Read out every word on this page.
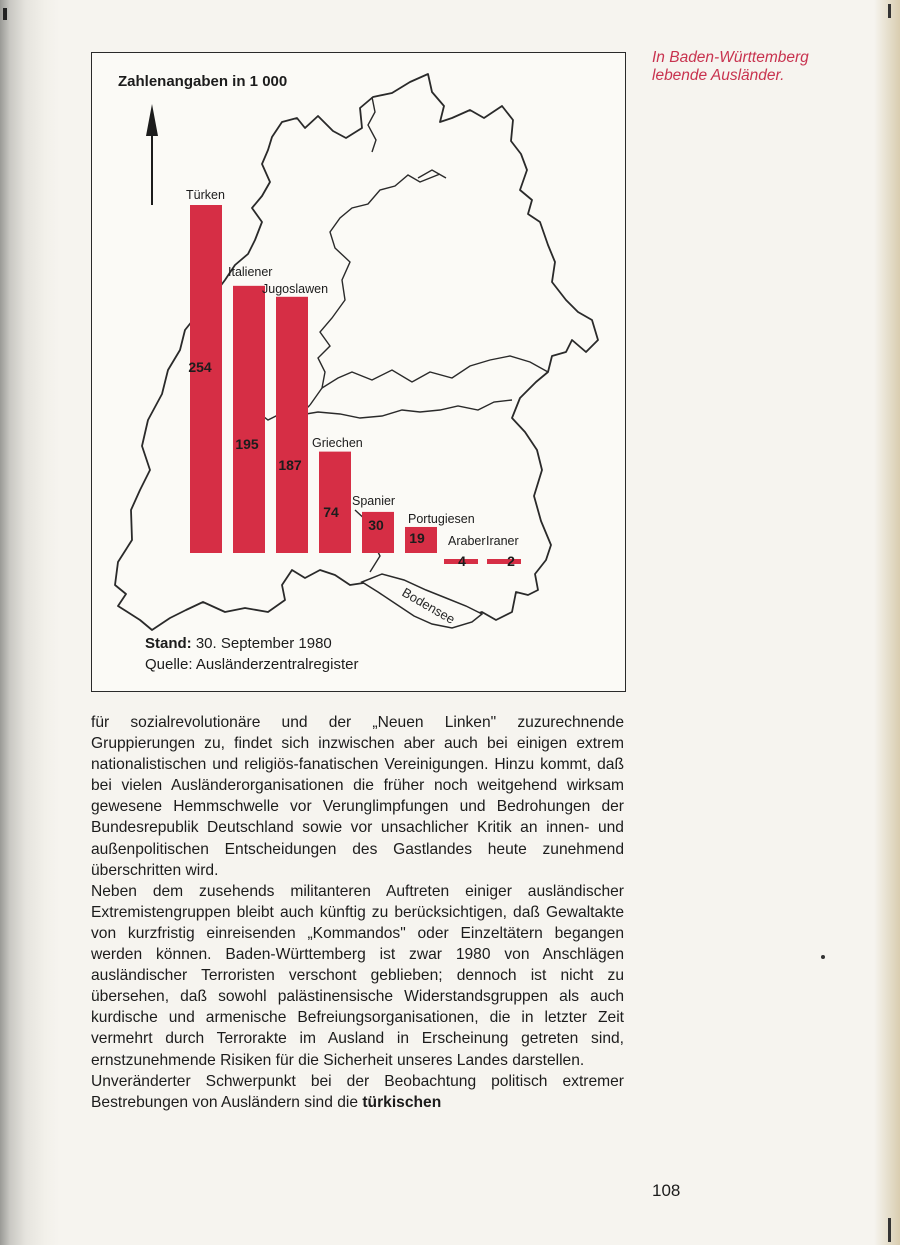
Bodensee
254
Türken
195
Italiener
187
Jugoslawen
74
Griechen
30
Spanier
19
Portugiesen
4
Araber
2
Iraner
Zahlenangaben in 1 000
In Baden-Württemberg
lebende Ausländer.
Stand: 30. September 1980
Quelle: Ausländerzentralregister

für sozialrevolutionäre und der „Neuen Linken" zuzurechnende Gruppierungen zu, findet sich inzwischen aber auch bei einigen extrem nationalistischen und religiös-fanatischen Vereinigungen. Hinzu kommt, daß bei vielen Ausländerorganisationen die früher noch weitgehend wirksam gewesene Hemmschwelle vor Verunglimpfungen und Bedrohungen der Bundesrepublik Deutschland sowie vor unsachlicher Kritik an innen- und außenpolitischen Entscheidungen des Gastlandes heute zunehmend überschritten wird.

Neben dem zusehends militanteren Auftreten einiger ausländischer Extremistengruppen bleibt auch künftig zu berücksichtigen, daß Gewaltakte von kurzfristig einreisenden „Kommandos" oder Einzeltätern begangen werden können. Baden-Württemberg ist zwar 1980 von Anschlägen ausländischer Terroristen verschont geblieben; dennoch ist nicht zu übersehen, daß sowohl palästinensische Widerstandsgruppen als auch kurdische und armenische Befreiungsorganisationen, die in letzter Zeit vermehrt durch Terrorakte im Ausland in Erscheinung getreten sind, ernstzunehmende Risiken für die Sicherheit unseres Landes darstellen.

Unveränderter Schwerpunkt bei der Beobachtung politisch extremer Bestrebungen von Ausländern sind die türkischen

108
